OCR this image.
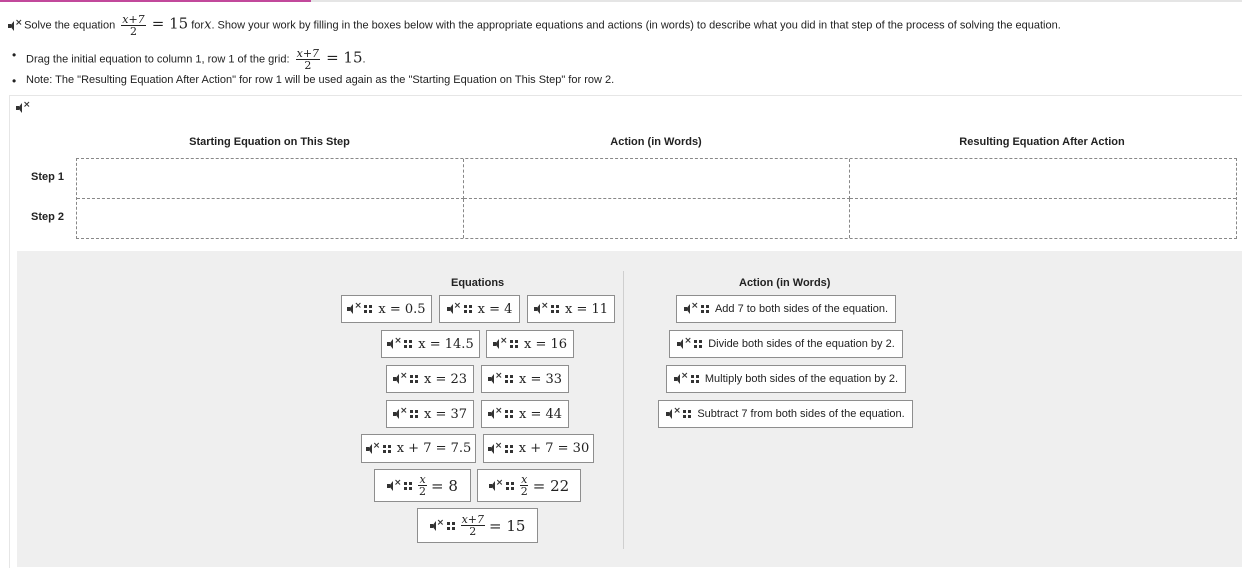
× Solve the equation $\frac{x+7}{2} = 15$ forx. Show your work by filling in the boxes below with the appropriate equations and actions (in words) to describe what you did in that step of the process of solving the equation.
• Drag the initial equation to column 1, row 1 of the grid: $\frac{x+7}{2} = 15$.
• Note: The "Resulting Equation After Action" for row 1 will be used again as the "Starting Equation on This Step" for row 2.
×
Starting Equation on This Step	Action (in Words)	Resulting Equation After Action
Step 1
Step 2
Equations	Action (in Words)
× x = 0.5	× x = 4	× x = 11
× x = 14.5	× x = 16
× x = 23	× x = 33
× x = 37	× x = 44
× x + 7 = 7.5	× x + 7 = 30
× $\frac{x}{2} = 8$	× $\frac{x}{2} = 22$
× $\frac{x+7}{2} = 15$
× Add 7 to both sides of the equation.
× Divide both sides of the equation by 2.
× Multiply both sides of the equation by 2.
× Subtract 7 from both sides of the equation.
